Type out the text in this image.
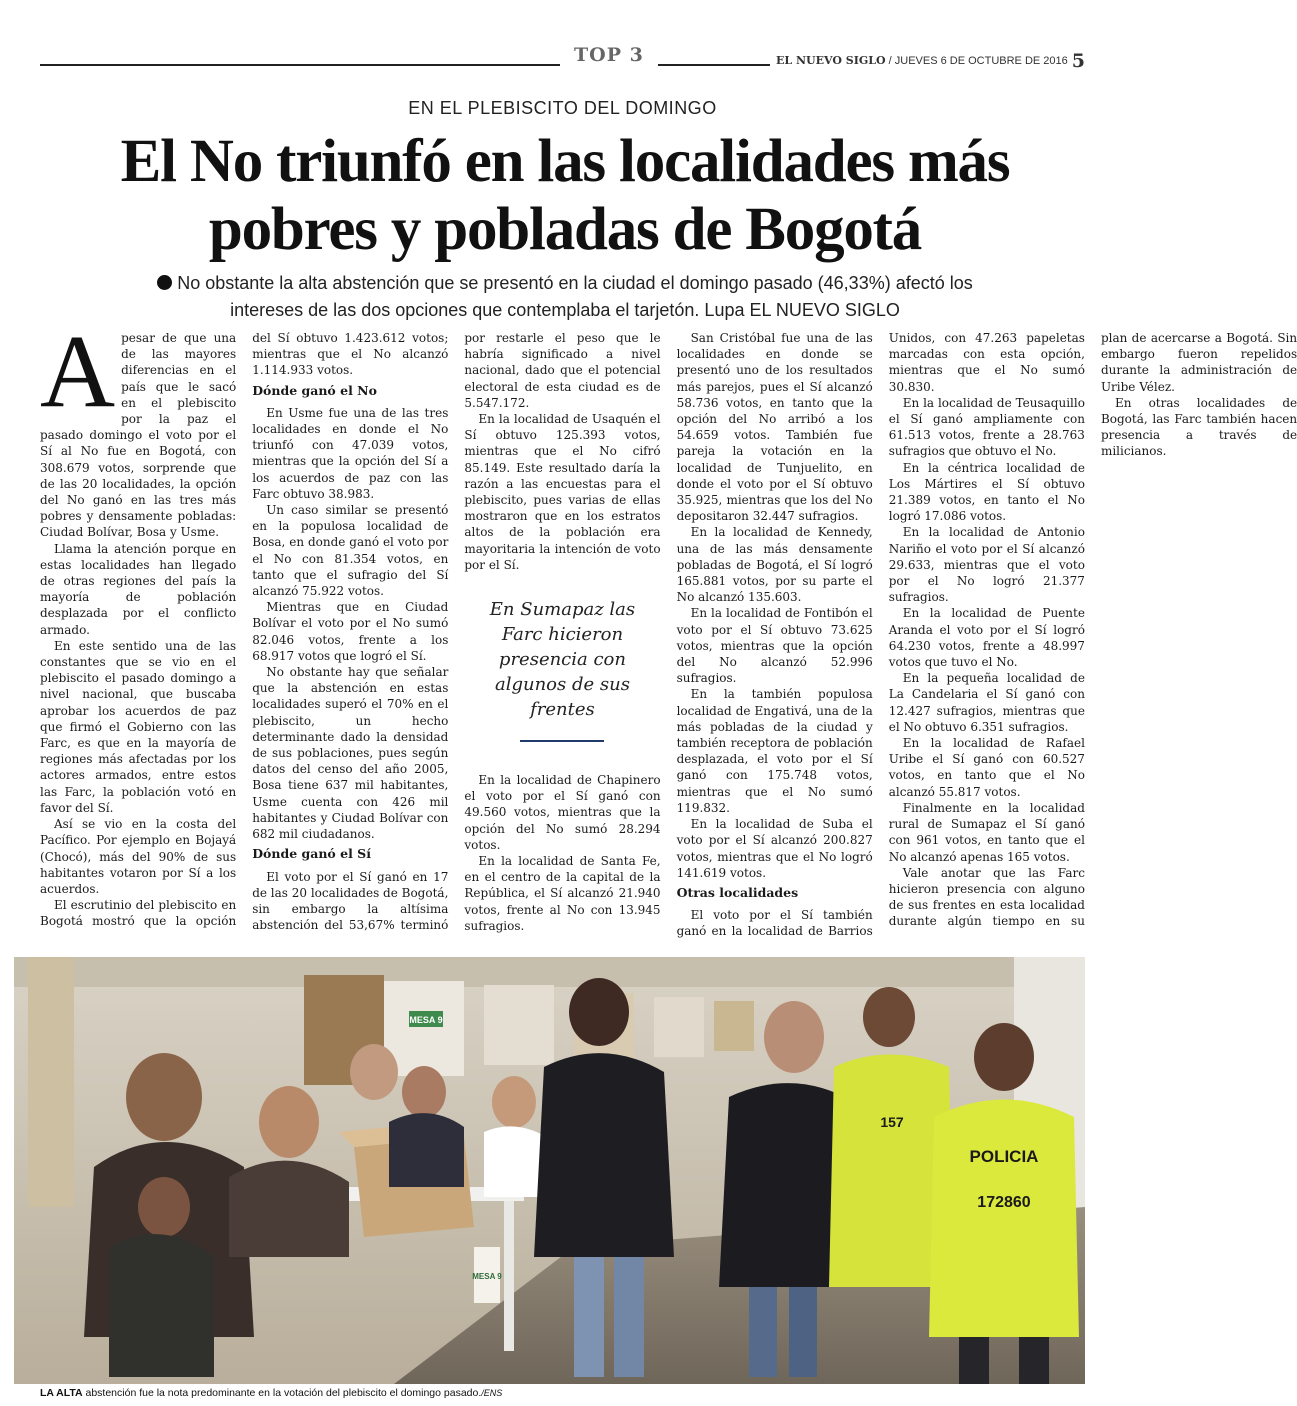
TOP 3	EL NUEVO SIGLO / JUEVES 6 DE OCTUBRE DE 2016 5
EN EL PLEBISCITO DEL DOMINGO
El No triunfó en las localidades más pobres y pobladas de Bogotá
No obstante la alta abstención que se presentó en la ciudad el domingo pasado (46,33%) afectó los intereses de las dos opciones que contemplaba el tarjetón. Lupa EL NUEVO SIGLO

Apesar de que una de las mayores diferencias en el país que le sacó en el plebiscito por la paz el pasado domingo el voto por el Sí al No fue en Bogotá, con 308.679 votos, sorprende que de las 20 localidades, la opción del No ganó en las tres más pobres y densamente pobladas: Ciudad Bolívar, Bosa y Usme.

Llama la atención porque en estas localidades han llegado de otras regiones del país la mayoría de población desplazada por el conflicto armado.

En este sentido una de las constantes que se vio en el plebiscito el pasado domingo a nivel nacional, que buscaba aprobar los acuerdos de paz que firmó el Gobierno con las Farc, es que en la mayoría de regiones más afectadas por los actores armados, entre estos las Farc, la población votó en favor del Sí.

Así se vio en la costa del Pacífico. Por ejemplo en Bojayá (Chocó), más del 90% de sus habitantes votaron por Sí a los acuerdos.

El escrutinio del plebiscito en Bogotá mostró que la opción del Sí obtuvo 1.423.612 votos; mientras que el No alcanzó 1.114.933 votos.

Dónde ganó el No

En Usme fue una de las tres localidades en donde el No triunfó con 47.039 votos, mientras que la opción del Sí a los acuerdos de paz con las Farc obtuvo 38.983.

Un caso similar se presentó en la populosa localidad de Bosa, en donde ganó el voto por el No con 81.354 votos, en tanto que el sufragio del Sí alcanzó 75.922 votos.

Mientras que en Ciudad Bolívar el voto por el No sumó 82.046 votos, frente a los 68.917 votos que logró el Sí.

No obstante hay que señalar que la abstención en estas localidades superó el 70% en el plebiscito, un hecho determinante dado la densidad de sus poblaciones, pues según datos del censo del año 2005, Bosa tiene 637 mil habitantes, Usme cuenta con 426 mil habitantes y Ciudad Bolívar con 682 mil ciudadanos.

Dónde ganó el Sí

El voto por el Sí ganó en 17 de las 20 localidades de Bogotá, sin embargo la altísima abstención del 53,67% terminó por restarle el peso que le habría significado a nivel nacional, dado que el potencial electoral de esta ciudad es de 5.547.172.

En la localidad de Usaquén el Sí obtuvo 125.393 votos, mientras que el No cifró 85.149. Este resultado daría la razón a las encuestas para el plebiscito, pues varias de ellas mostraron que en los estratos altos de la población era mayoritaria la intención de voto por el Sí.

En Sumapaz las Farc hicieron presencia con algunos de sus frentes

En la localidad de Chapinero el voto por el Sí ganó con 49.560 votos, mientras que la opción del No sumó 28.294 votos.

En la localidad de Santa Fe, en el centro de la capital de la República, el Sí alcanzó 21.940 votos, frente al No con 13.945 sufragios.

San Cristóbal fue una de las localidades en donde se presentó uno de los resultados más parejos, pues el Sí alcanzó 58.736 votos, en tanto que la opción del No arribó a los 54.659 votos. También fue pareja la votación en la localidad de Tunjuelito, en donde el voto por el Sí obtuvo 35.925, mientras que los del No depositaron 32.447 sufragios.

En la localidad de Kennedy, una de las más densamente pobladas de Bogotá, el Sí logró 165.881 votos, por su parte el No alcanzó 135.603.

En la localidad de Fontibón el voto por el Sí obtuvo 73.625 votos, mientras que la opción del No alcanzó 52.996 sufragios.

En la también populosa localidad de Engativá, una de la más pobladas de la ciudad y también receptora de población desplazada, el voto por el Sí ganó con 175.748 votos, mientras que el No sumó 119.832.

En la localidad de Suba el voto por el Sí alcanzó 200.827 votos, mientras que el No logró 141.619 votos.

Otras localidades

El voto por el Sí también ganó en la localidad de Barrios Unidos, con 47.263 papeletas marcadas con esta opción, mientras que el No sumó 30.830.

En la localidad de Teusaquillo el Sí ganó ampliamente con 61.513 votos, frente a 28.763 sufragios que obtuvo el No.

En la céntrica localidad de Los Mártires el Sí obtuvo 21.389 votos, en tanto el No logró 17.086 votos.

En la localidad de Antonio Nariño el voto por el Sí alcanzó 29.633, mientras que el voto por el No logró 21.377 sufragios.

En la localidad de Puente Aranda el voto por el Sí logró 64.230 votos, frente a 48.997 votos que tuvo el No.

En la pequeña localidad de La Candelaria el Sí ganó con 12.427 sufragios, mientras que el No obtuvo 6.351 sufragios.

En la localidad de Rafael Uribe el Sí ganó con 60.527 votos, en tanto que el No alcanzó 55.817 votos.

Finalmente en la localidad rural de Sumapaz el Sí ganó con 961 votos, en tanto que el No alcanzó apenas 165 votos.

Vale anotar que las Farc hicieron presencia con alguno de sus frentes en esta localidad durante algún tiempo en su plan de acercarse a Bogotá. Sin embargo fueron repelidos durante la administración de Uribe Vélez.

En otras localidades de Bogotá, las Farc también hacen presencia a través de milicianos.

MESA 9
MESA 9
157
POLICIA
172860
LA ALTA abstención fue la nota predominante en la votación del plebiscito el domingo pasado./ENS
